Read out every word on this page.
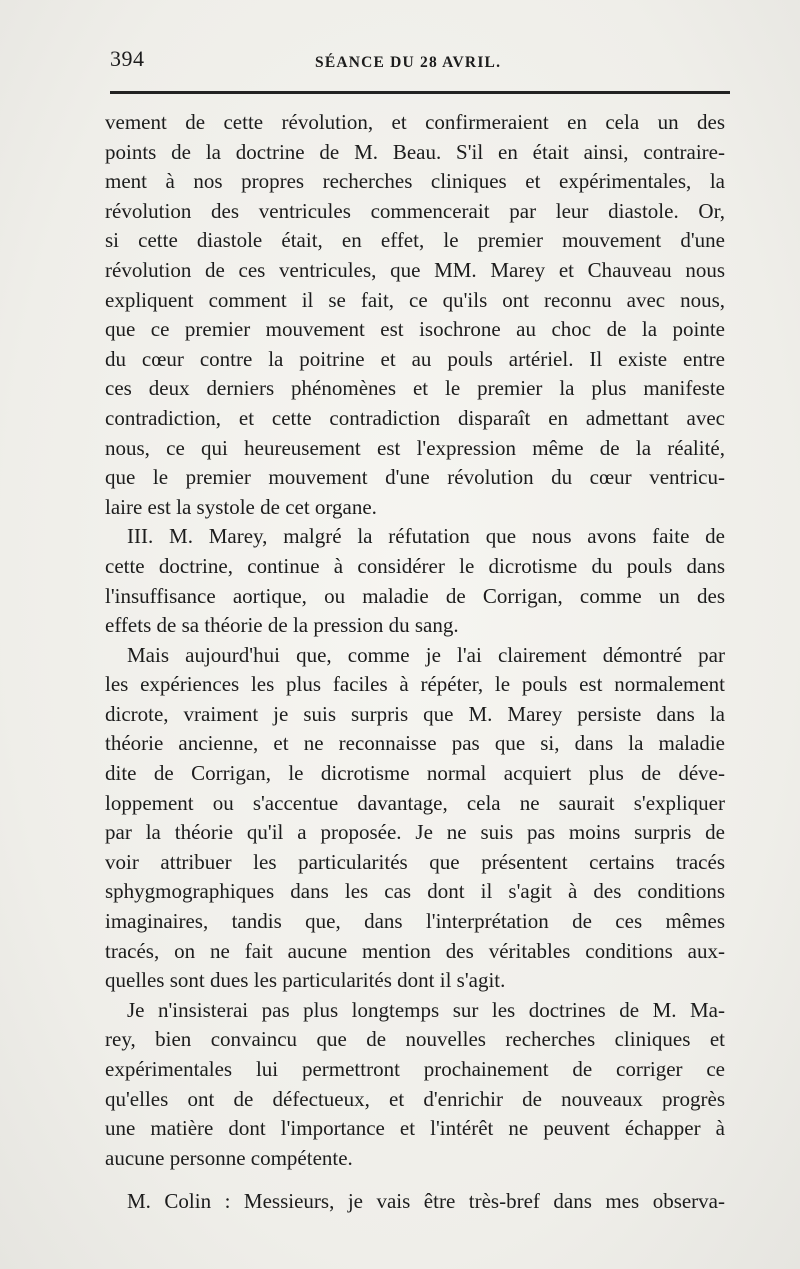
394	SÉANCE DU 28 AVRIL.
vement de cette révolution, et confirmeraient en cela un des
points de la doctrine de M. Beau. S'il en était ainsi, contraire-
ment à nos propres recherches cliniques et expérimentales, la
révolution des ventricules commencerait par leur diastole. Or,
si cette diastole était, en effet, le premier mouvement d'une
révolution de ces ventricules, que MM. Marey et Chauveau nous
expliquent comment il se fait, ce qu'ils ont reconnu avec nous,
que ce premier mouvement est isochrone au choc de la pointe
du cœur contre la poitrine et au pouls artériel. Il existe entre
ces deux derniers phénomènes et le premier la plus manifeste
contradiction, et cette contradiction disparaît en admettant avec
nous, ce qui heureusement est l'expression même de la réalité,
que le premier mouvement d'une révolution du cœur ventricu-
laire est la systole de cet organe.
III. M. Marey, malgré la réfutation que nous avons faite de
cette doctrine, continue à considérer le dicrotisme du pouls dans
l'insuffisance aortique, ou maladie de Corrigan, comme un des
effets de sa théorie de la pression du sang.
Mais aujourd'hui que, comme je l'ai clairement démontré par
les expériences les plus faciles à répéter, le pouls est normalement
dicrote, vraiment je suis surpris que M. Marey persiste dans la
théorie ancienne, et ne reconnaisse pas que si, dans la maladie
dite de Corrigan, le dicrotisme normal acquiert plus de déve-
loppement ou s'accentue davantage, cela ne saurait s'expliquer
par la théorie qu'il a proposée. Je ne suis pas moins surpris de
voir attribuer les particularités que présentent certains tracés
sphygmographiques dans les cas dont il s'agit à des conditions
imaginaires, tandis que, dans l'interprétation de ces mêmes
tracés, on ne fait aucune mention des véritables conditions aux-
quelles sont dues les particularités dont il s'agit.
Je n'insisterai pas plus longtemps sur les doctrines de M. Ma-
rey, bien convaincu que de nouvelles recherches cliniques et
expérimentales lui permettront prochainement de corriger ce
qu'elles ont de défectueux, et d'enrichir de nouveaux progrès
une matière dont l'importance et l'intérêt ne peuvent échapper à
aucune personne compétente.
M. Colin : Messieurs, je vais être très-bref dans mes observa-
